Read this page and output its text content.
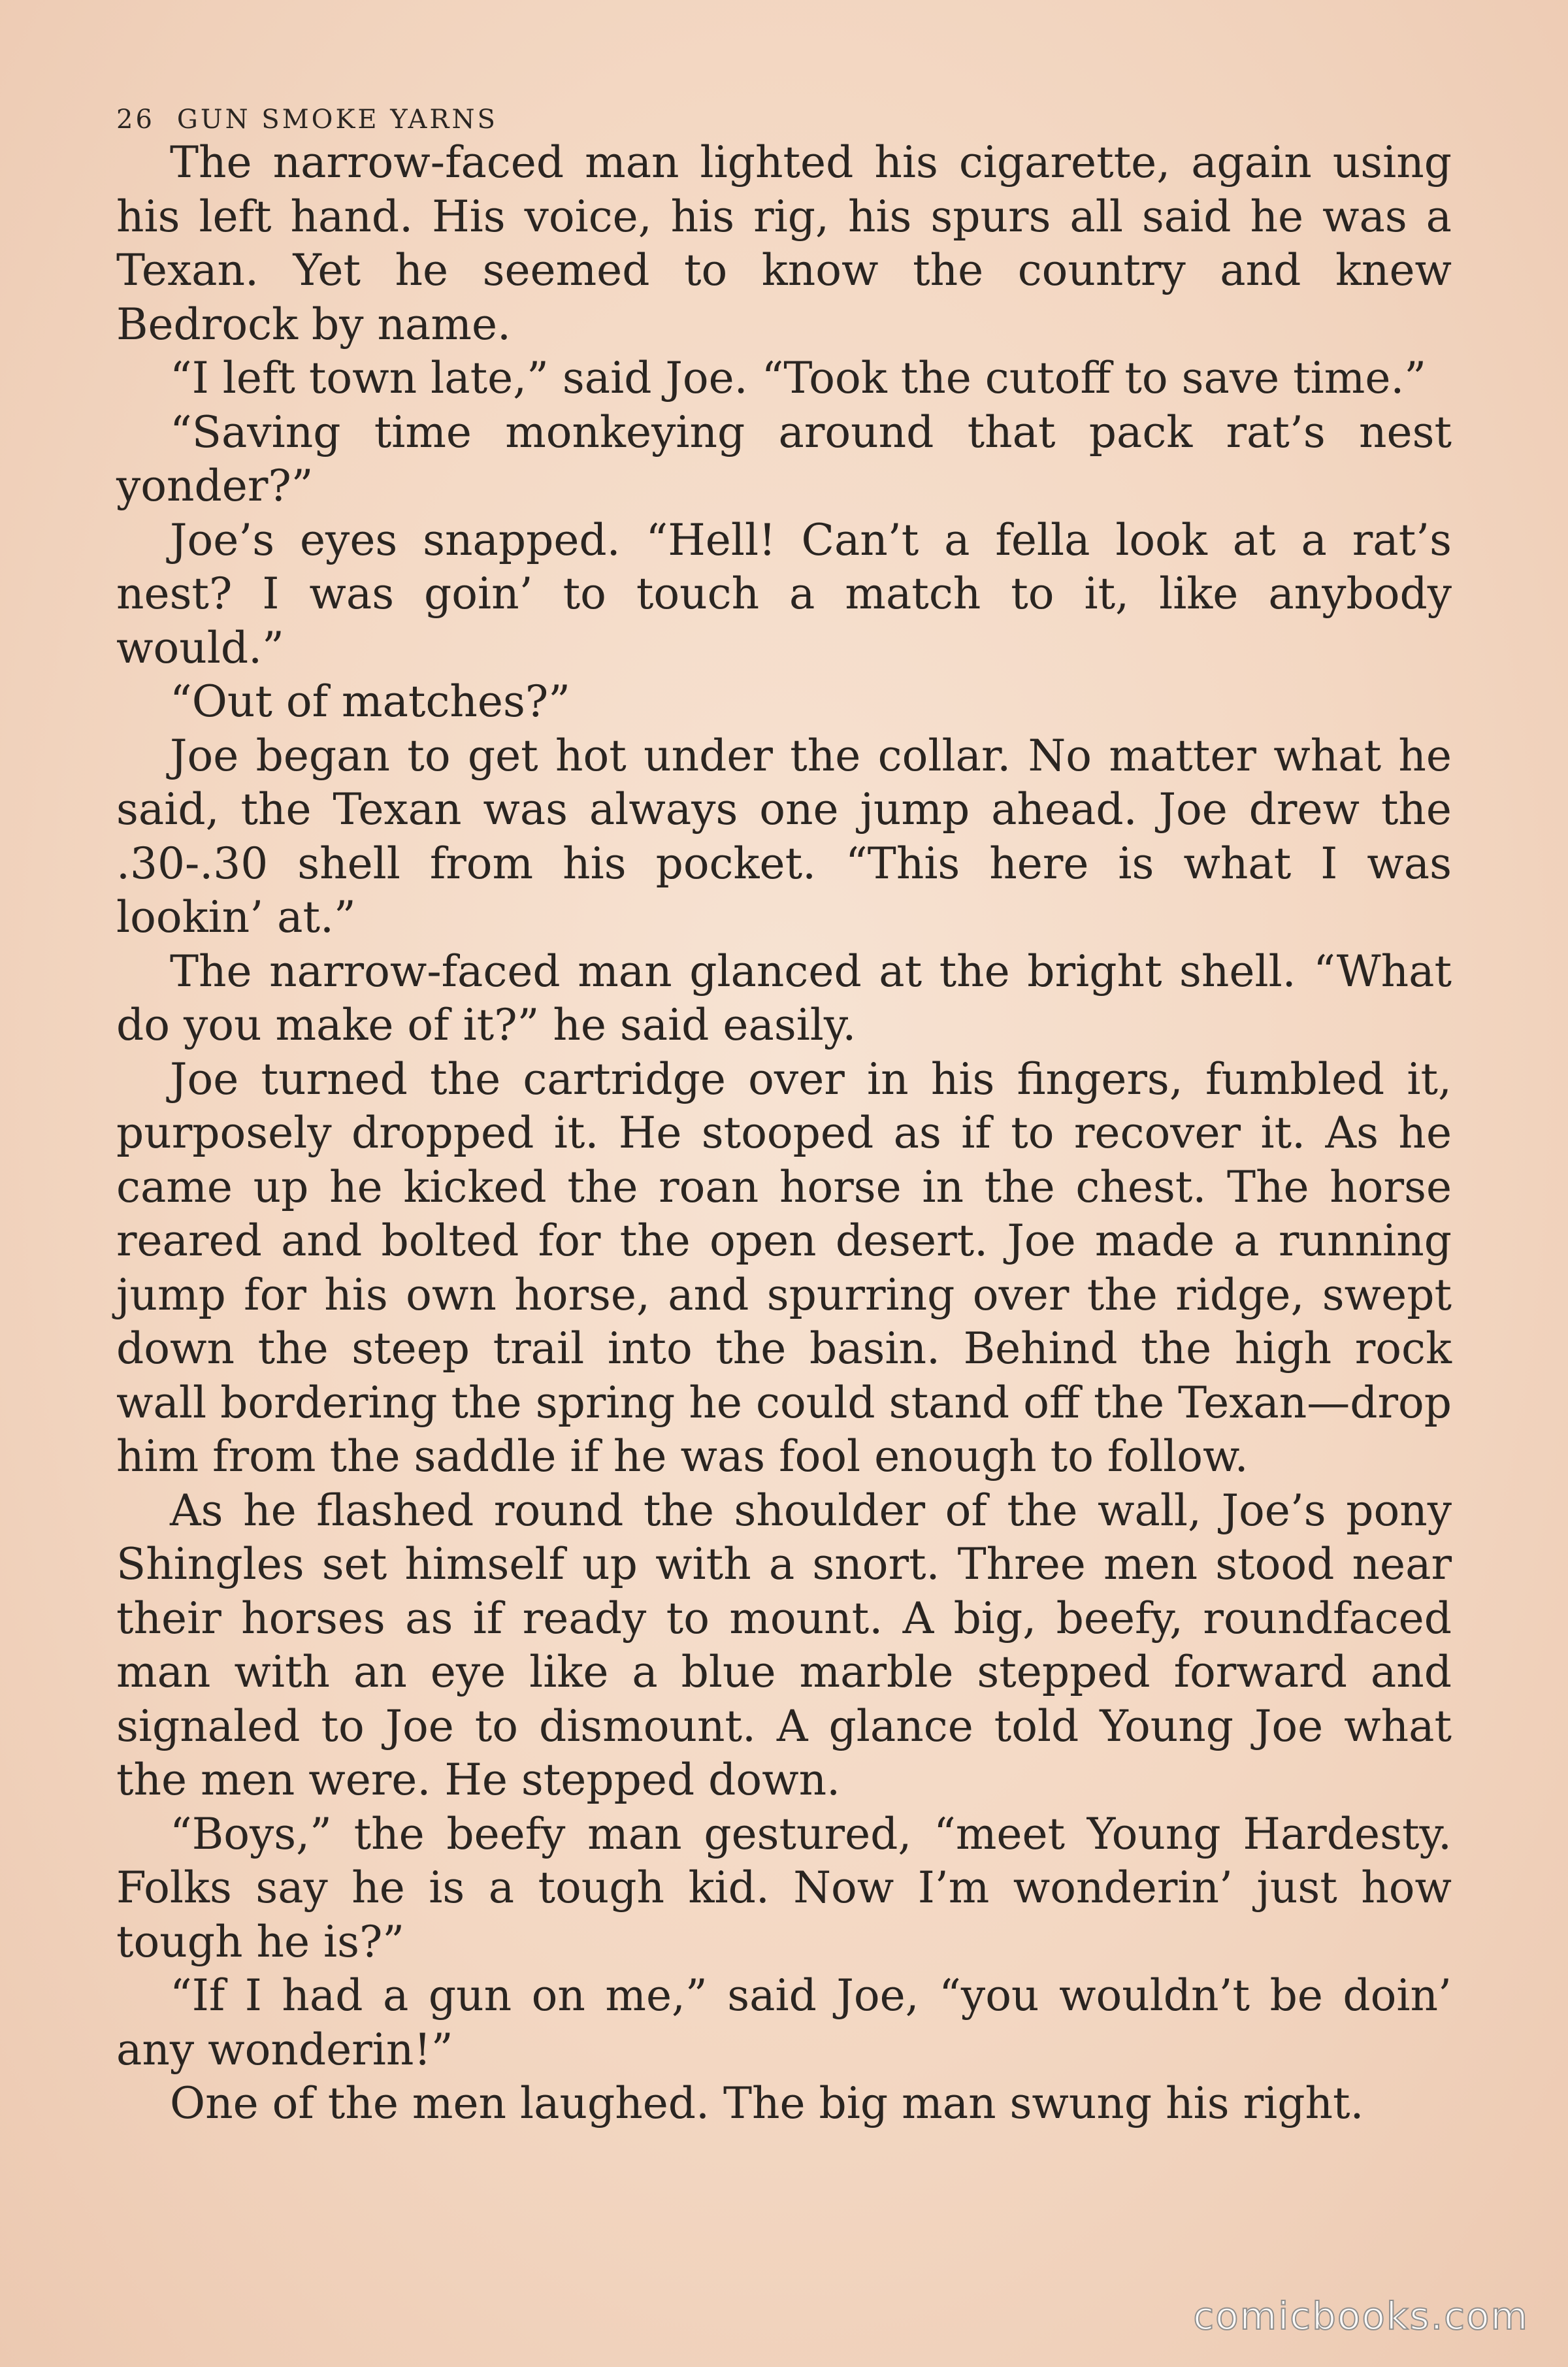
26 GUN SMOKE YARNS

The narrow-faced man lighted his cigarette, again using his left hand. His voice, his rig, his spurs all said he was a Texan. Yet he seemed to know the country and knew Bedrock by name.

“I left town late,” said Joe. “Took the cutoff to save time.”

“Saving time monkeying around that pack rat’s nest yonder?”

Joe’s eyes snapped. “Hell! Can’t a fella look at a rat’s nest? I was goin’ to touch a match to it, like anybody would.”

“Out of matches?”

Joe began to get hot under the collar. No matter what he said, the Texan was always one jump ahead. Joe drew the .30-.30 shell from his pocket. “This here is what I was lookin’ at.”

The narrow-faced man glanced at the bright shell. “What do you make of it?” he said easily.

Joe turned the cartridge over in his fingers, fumbled it, purposely dropped it. He stooped as if to recover it. As he came up he kicked the roan horse in the chest. The horse reared and bolted for the open desert. Joe made a running jump for his own horse, and spurring over the ridge, swept down the steep trail into the basin. Behind the high rock wall bordering the spring he could stand off the Texan—drop him from the saddle if he was fool enough to follow.

As he flashed round the shoulder of the wall, Joe’s pony Shingles set himself up with a snort. Three men stood near their horses as if ready to mount. A big, beefy, roundfaced man with an eye like a blue marble stepped forward and signaled to Joe to dismount. A glance told Young Joe what the men were. He stepped down.

“Boys,” the beefy man gestured, “meet Young Hardesty. Folks say he is a tough kid. Now I’m wonderin’ just how tough he is?”

“If I had a gun on me,” said Joe, “you wouldn’t be doin’ any wonderin!”

One of the men laughed. The big man swung his right.

comicbooks.com
